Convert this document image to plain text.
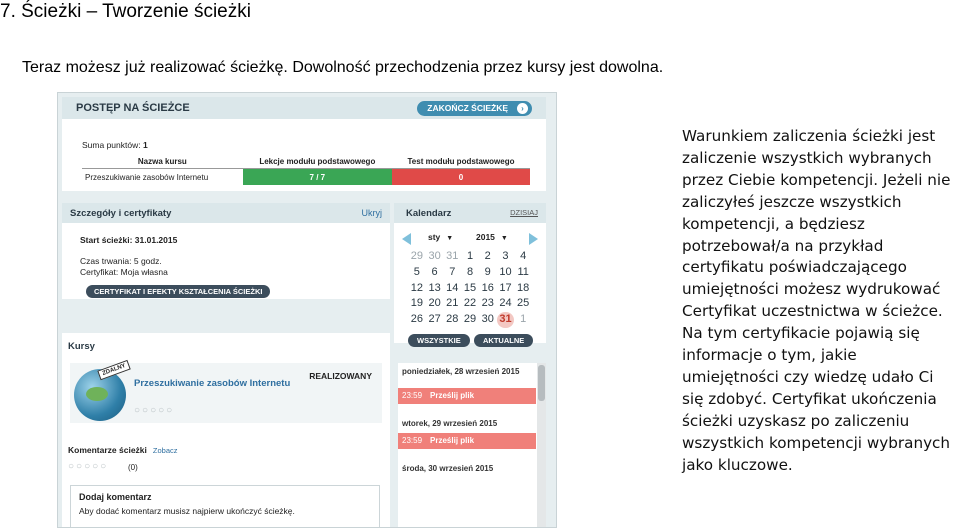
7. Ścieżki – Tworzenie ścieżki
Teraz możesz już realizować ścieżkę. Dowolność przechodzenia przez kursy jest dowolna.
POSTĘP NA ŚCIEŻCE	ZAKOŃCZ ŚCIEŻKĘ	›
Suma punktów: 1
Nazwa kursu	Lekcje modułu podstawowego	Test modułu podstawowego
Przeszukiwanie zasobów Internetu	7 / 7	0
Szczegóły i certyfikaty	Ukryj
Start ścieżki: 31.01.2015
Czas trwania: 5 godz.
Certyfikat: Moja własna
CERTYFIKAT I EFEKTY KSZTAŁCENIA ŚCIEŻKI
Kalendarz	DZISIAJ
sty ▼	2015 ▼
29 30 31 1	2	3	4
5	6	7	8	9 10 11
12 13 14 15 16 17 18
19 20 21 22 23 24 25
26 27 28 29 30 31 1
WSZYSTKIE	AKTUALNE
poniedziałek, 28 wrzesień 2015
23:59 Prześlij plik
wtorek, 29 wrzesień 2015
23:59 Prześlij plik
środa, 30 wrzesień 2015
Kursy
ZDALNY
Przeszukiwanie zasobów Internetu
REALIZOWANY
○○○○○
Komentarze ścieżki Zobacz
○○○○○ (0)
Dodaj komentarz
Aby dodać komentarz musisz najpierw ukończyć ścieżkę.
Warunkiem zaliczenia ścieżki jest zaliczenie wszystkich wybranych przez Ciebie kompetencji. Jeżeli nie zaliczyłeś jeszcze wszystkich kompetencji, a będziesz potrzebował/a na przykład certyfikatu poświadczającego umiejętności możesz wydrukować Certyfikat uczestnictwa w ścieżce. Na tym certyfikacie pojawią się informacje o tym, jakie umiejętności czy wiedzę udało Ci się zdobyć. Certyfikat ukończenia ścieżki uzyskasz po zaliczeniu wszystkich kompetencji wybranych jako kluczowe.
